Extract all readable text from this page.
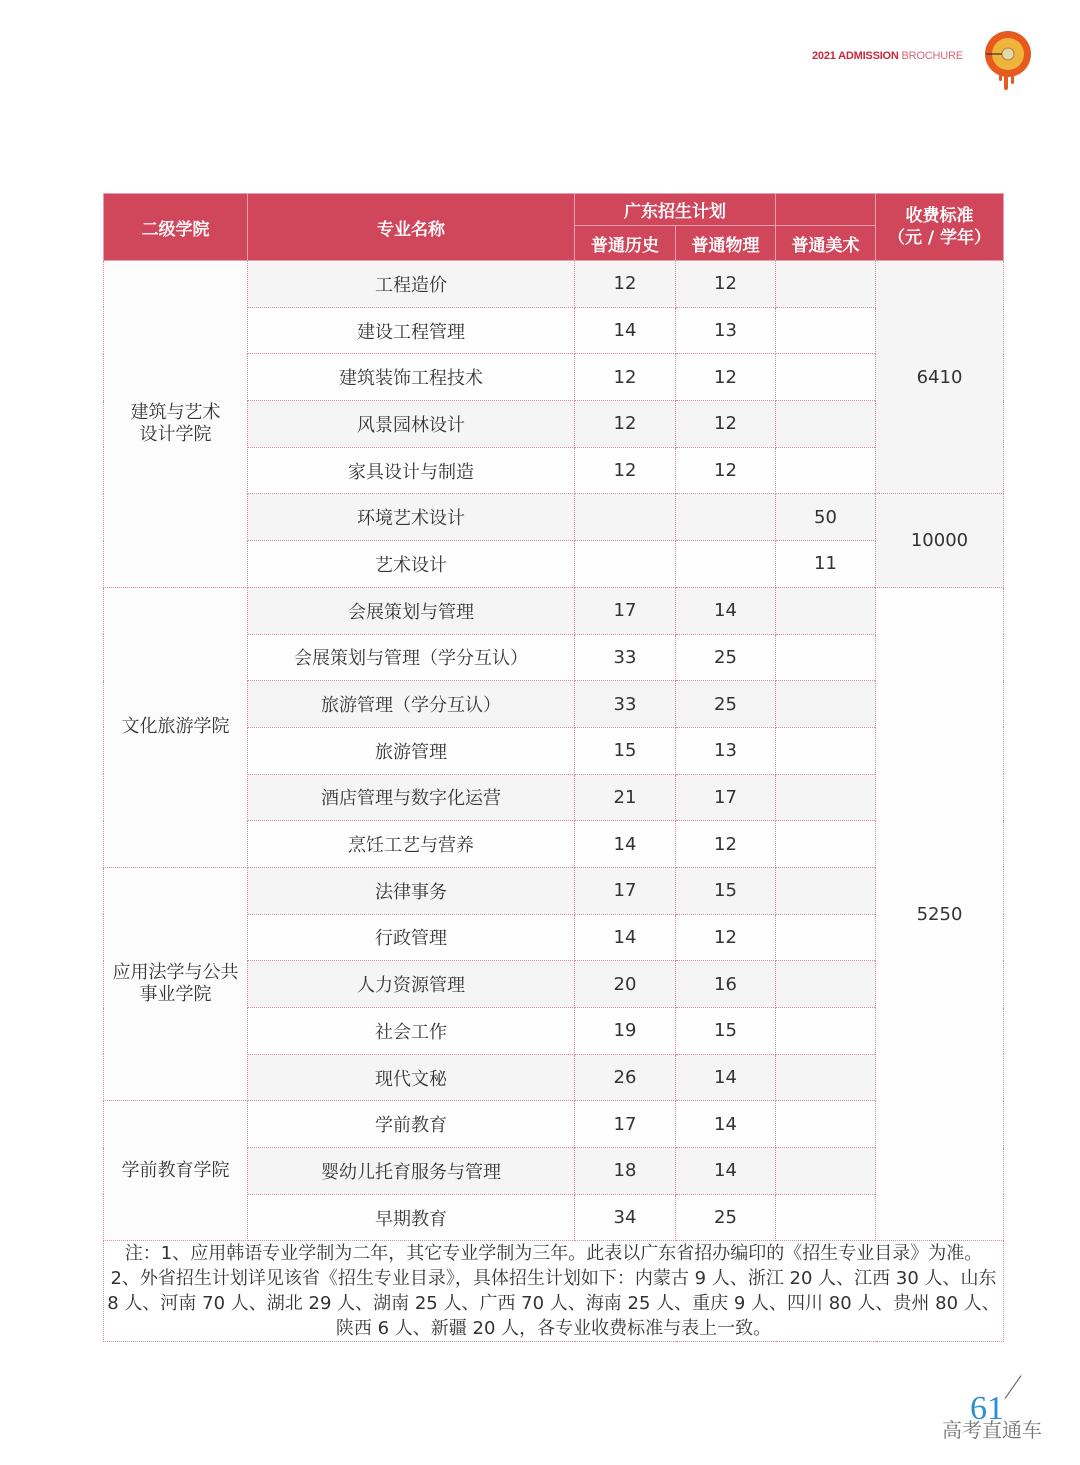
2021 ADMISSION BROCHURE
二级学院	专业名称	广东招生计划			收费标准
（元 / 学年）

		普通历史	普通物理	普通美术	

建筑与艺术
设计学院	工程造价	12	12		6410
	建设工程管理	14	13		
	建筑装饰工程技术	12	12		
	风景园林设计	12	12		
	家具设计与制造	12	12		
	环境艺术设计			50	10000
	艺术设计			11	

文化旅游学院	会展策划与管理	17	14		5250
	会展策划与管理（学分互认）	33	25		
	旅游管理（学分互认）	33	25		
	旅游管理	15	13		
	酒店管理与数字化运营	21	17		
	烹饪工艺与营养	14	12		

应用法学与公共
事业学院	法律事务	17	15		
	行政管理	14	12		
	人力资源管理	20	16		
	社会工作	19	15		
	现代文秘	26	14		

学前教育学院	学前教育	17	14		
	婴幼儿托育服务与管理	18	14		
	早期教育	34	25		

注：1、应用韩语专业学制为二年，其它专业学制为三年。此表以广东省招办编印的《招生专业目录》为准。
2、外省招生计划详见该省《招生专业目录》，具体招生计划如下：内蒙古 9 人、浙江 20 人、江西 30 人、山东 8 人、河南 70 人、湖北 29 人、湖南 25 人、广西 70 人、海南 25 人、重庆 9 人、四川 80 人、贵州 80 人、陕西 6 人、新疆 20 人，各专业收费标准与表上一致。					
61
高考直通车
